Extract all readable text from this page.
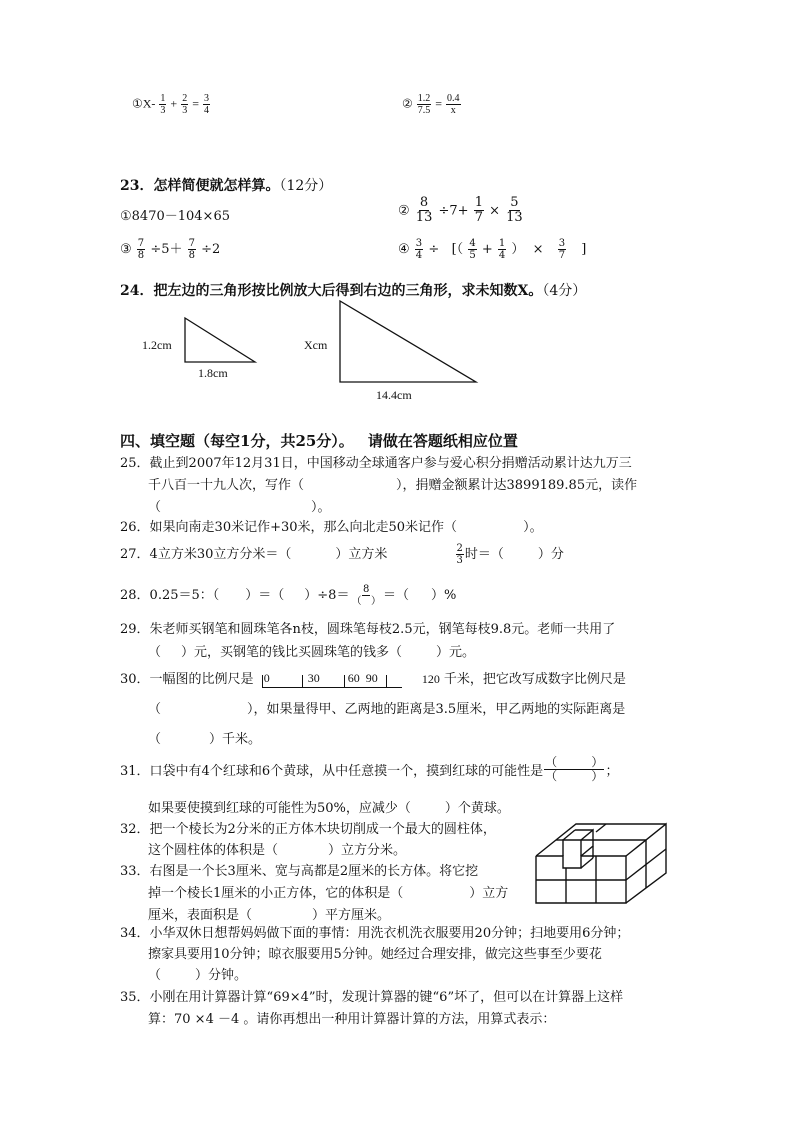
①X- $\frac{1}{3} + \frac{2}{3} = \frac{3}{4}$	② $\frac{1.2}{7.5} = \frac{0.4}{x}$
23．怎样简便就怎样算。（12分）
①8470－104×65	② $\frac{8}{13} \div 7+ \frac{1}{7} \times \frac{5}{13}$
③ $\frac{7}{8} \div 5+ \frac{7}{8} \div 2$	④ $\frac{3}{4}$ ÷   [（ $\frac{4}{5} + \frac{1}{4}$ ）  × $\frac{3}{7}$ ]
24．把左边的三角形按比例放大后得到右边的三角形，求未知数X。（4分）
1.2cm
1.8cm
Xcm
14.4cm
四、填空题（每空1分，共25分）。 请做在答题纸相应位置
25．截止到2007年12月31日，中国移动全球通客户参与爱心积分捐赠活动累计达九万三
千八百一十九人次，写作（	），捐赠金额累计达3899189.85元，读作
（	）。
26．如果向南走30米记作+30米，那么向北走50米记作（	）。
27．4立方米30立方分米＝（	）立方米	$\frac{2}{3}$ 时＝（	）分
28．0.25＝5：（ ）＝（ ）$\div 8= \frac{8}{( )}$ ＝（ ）%
29．朱老师买钢笔和圆珠笔各n枝，圆珠笔每枝2.5元，钢笔每枝9.8元。老师一共用了
（ ）元，买钢笔的钱比买圆珠笔的钱多（	）元。
30．一幅图的比例尺是 0	30 60 90	120 千米，把它改写成数字比例尺是
（	），如果量得甲、乙两地的距离是3.5厘米，甲乙两地的实际距离是
（	）千米。
31．口袋中有4个红球和6个黄球，从中任意摸一个，摸到红球的可能性是 $\frac{( )}{( )}$ ；
如果要使摸到红球的可能性为50%，应减少（	）个黄球。
32．把一个棱长为2分米的正方体木块切削成一个最大的圆柱体，
这个圆柱体的体积是（	）立方分米。
33．右图是一个长3厘米、宽与高都是2厘米的长方体。将它挖
掉一个棱长1厘米的小正方体，它的体积是（	）立方
厘米，表面积是（	）平方厘米。
34．小华双休日想帮妈妈做下面的事情：用洗衣机洗衣服要用20分钟；扫地要用6分钟；
擦家具要用10分钟；晾衣服要用5分钟。她经过合理安排，做完这些事至少要花
（	）分钟。
35．小刚在用计算器计算“69×4”时，发现计算器的键“6”坏了，但可以在计算器上这样
算：70 ×4 －4 。请你再想出一种用计算器计算的方法，用算式表示：
